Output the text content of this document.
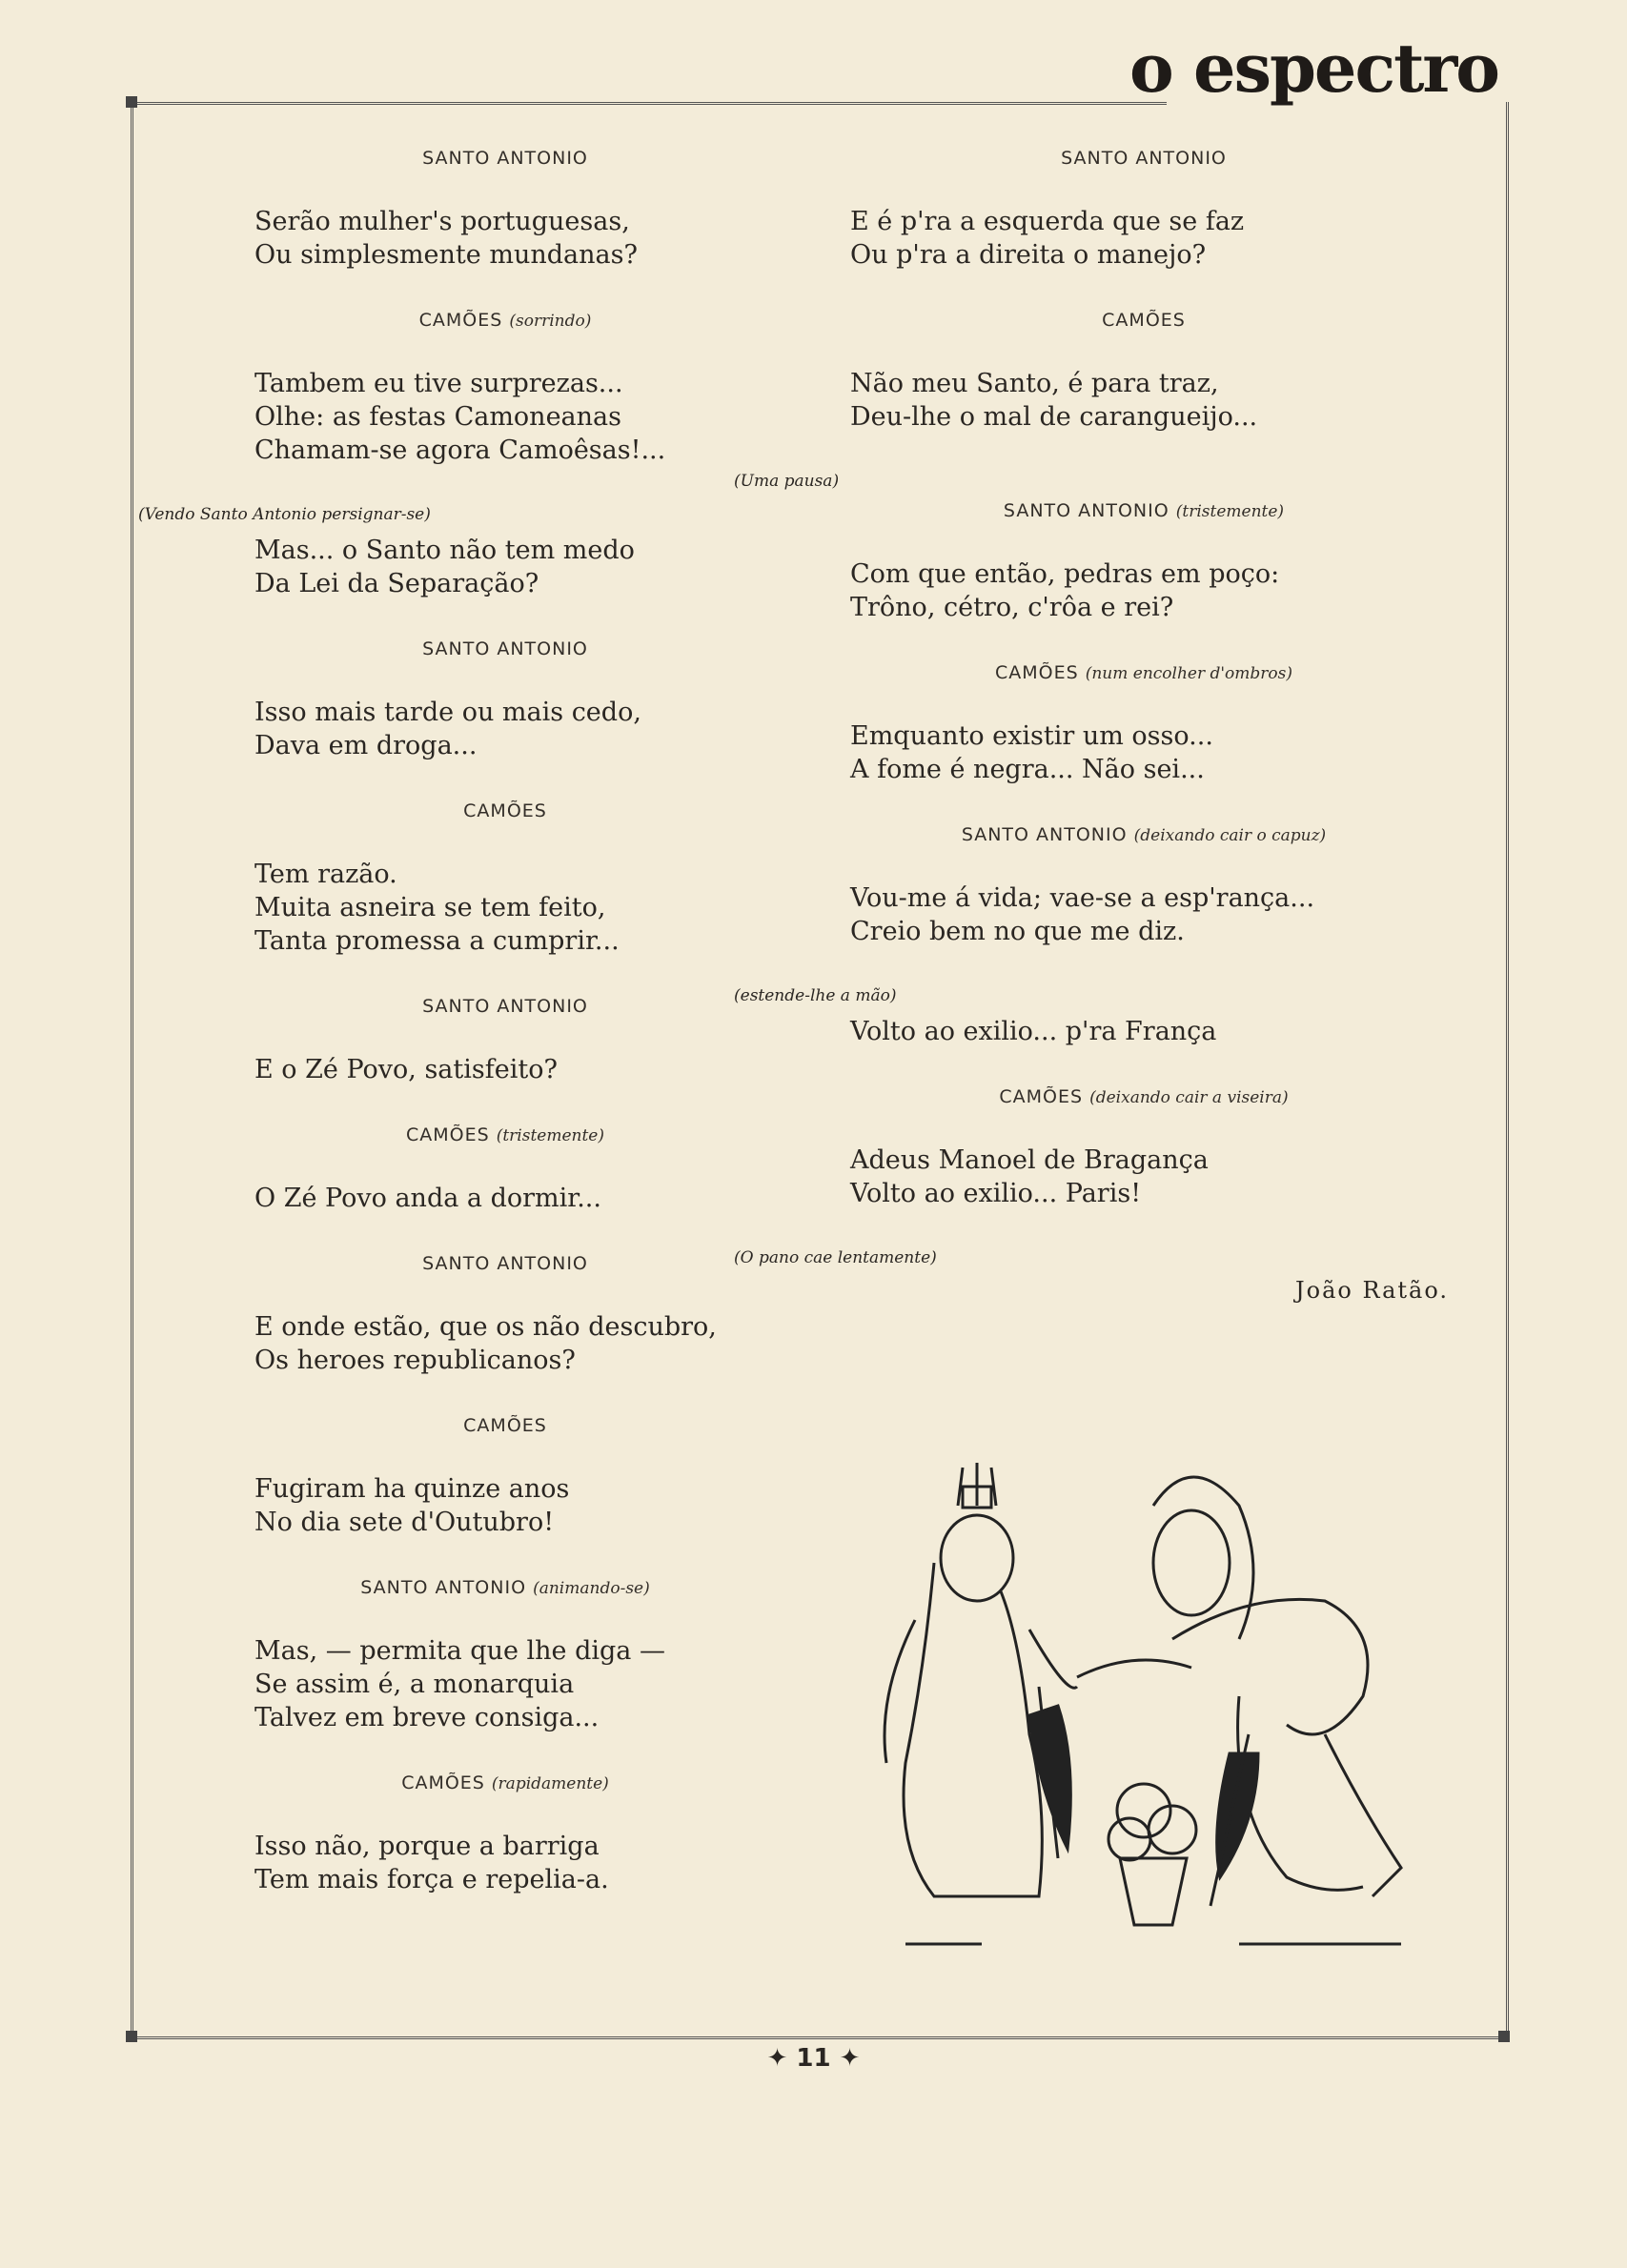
o espectro
SANTO ANTONIO
Serão mulher's portuguesas,
Ou simplesmente mundanas?
CAMÕES (sorrindo)
Tambem eu tive surprezas...
Olhe: as festas Camoneanas
Chamam-se agora Camoêsas!...
(Vendo Santo Antonio persignar-se)
Mas... o Santo não tem medo
Da Lei da Separação?
SANTO ANTONIO
Isso mais tarde ou mais cedo,
Dava em droga...
CAMÕES
Tem razão.
Muita asneira se tem feito,
Tanta promessa a cumprir...
SANTO ANTONIO
E o Zé Povo, satisfeito?
CAMÕES (tristemente)
O Zé Povo anda a dormir...
SANTO ANTONIO
E onde estão, que os não descubro,
Os heroes republicanos?
CAMÕES
Fugiram ha quinze anos
No dia sete d'Outubro!
SANTO ANTONIO (animando-se)
Mas, — permita que lhe diga —
Se assim é, a monarquia
Talvez em breve consiga...
CAMÕES (rapidamente)
Isso não, porque a barriga
Tem mais força e repelia-a.
SANTO ANTONIO
E é p'ra a esquerda que se faz
Ou p'ra a direita o manejo?
CAMÕES
Não meu Santo, é para traz,
Deu-lhe o mal de carangueijo...
(Uma pausa)
SANTO ANTONIO (tristemente)
Com que então, pedras em poço:
Trôno, cétro, c'rôa e rei?
CAMÕES (num encolher d'ombros)
Emquanto existir um osso...
A fome é negra... Não sei...
SANTO ANTONIO (deixando cair o capuz)
Vou-me á vida; vae-se a esp'rança...
Creio bem no que me diz.
(estende-lhe a mão)
Volto ao exilio... p'ra França
CAMÕES (deixando cair a viseira)
Adeus Manoel de Bragança
Volto ao exilio... Paris!
(O pano cae lentamente)
João Ratão.
✦ 11 ✦
